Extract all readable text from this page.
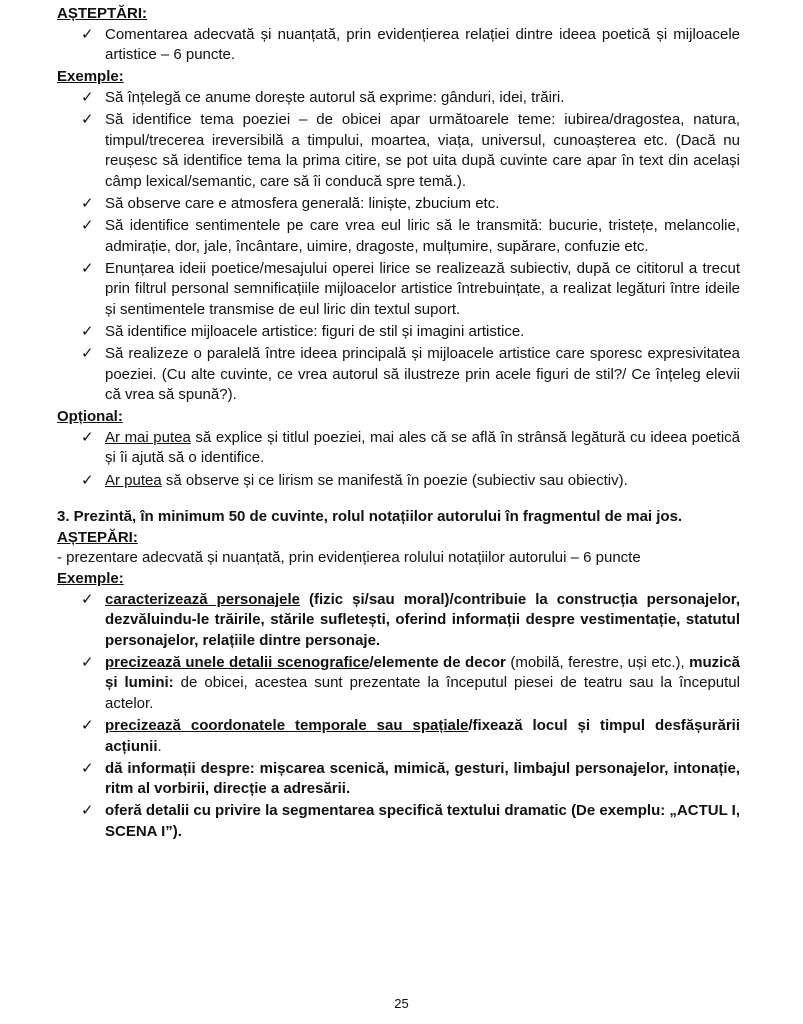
AȘTEPTĂRI:
✓ Comentarea adecvată și nuanțată, prin evidențierea relației dintre ideea poetică și mijloacele artistice – 6 puncte.
Exemple:
✓ Să înțelegă ce anume dorește autorul să exprime: gânduri, idei, trăiri.
✓ Să identifice tema poeziei – de obicei apar următoarele teme: iubirea/dragostea, natura, timpul/trecerea ireversibilă a timpului, moartea, viața, universul, cunoașterea etc. (Dacă nu reușesc să identifice tema la prima citire, se pot uita după cuvinte care apar în text din același câmp lexical/semantic, care să îi conducă spre temă.).
✓ Să observe care e atmosfera generală: liniște, zbucium etc.
✓ Să identifice sentimentele pe care vrea eul liric să le transmită: bucurie, tristețe, melancolie, admirație, dor, jale, încântare, uimire, dragoste, mulțumire, supărare, confuzie etc.
✓ Enunțarea ideii poetice/mesajului operei lirice se realizează subiectiv, după ce cititorul a trecut prin filtrul personal semnificațiile mijloacelor artistice întrebuințate, a realizat legături între ideile și sentimentele transmise de eul liric din textul suport.
✓ Să identifice mijloacele artistice: figuri de stil și imagini artistice.
✓ Să realizeze o paralelă între ideea principală și mijloacele artistice care sporesc expresivitatea poeziei. (Cu alte cuvinte, ce vrea autorul să ilustreze prin acele figuri de stil?/ Ce înțeleg elevii că vrea să spună?).
Opțional:
✓ Ar mai putea să explice și titlul poeziei, mai ales că se află în strânsă legătură cu ideea poetică și îi ajută să o identifice.
✓ Ar putea să observe și ce lirism se manifestă în poezie (subiectiv sau obiectiv).

3. Prezintă, în minimum 50 de cuvinte, rolul notațiilor autorului în fragmentul de mai jos.

AȘTEPĂRI:

- prezentare adecvată și nuanțată, prin evidențierea rolului notațiilor autorului – 6 puncte

Exemple:
✓ caracterizează personajele (fizic și/sau moral)/contribuie la construcția personajelor, dezvăluindu-le trăirile, stările sufletești, oferind informații despre vestimentație, statutul personajelor, relațiile dintre personaje.
✓ precizează unele detalii scenografice/elemente de decor (mobilă, ferestre, uși etc.), muzică și lumini: de obicei, acestea sunt prezentate la începutul piesei de teatru sau la începutul actelor.
✓ precizează coordonatele temporale sau spațiale/fixează locul și timpul desfășurării acțiunii.
✓ dă informații despre: mișcarea scenică, mimică, gesturi, limbajul personajelor, intonație, ritm al vorbirii, direcție a adresării.
✓ oferă detalii cu privire la segmentarea specifică textului dramatic (De exemplu: „ACTUL I, SCENA I”).
25
